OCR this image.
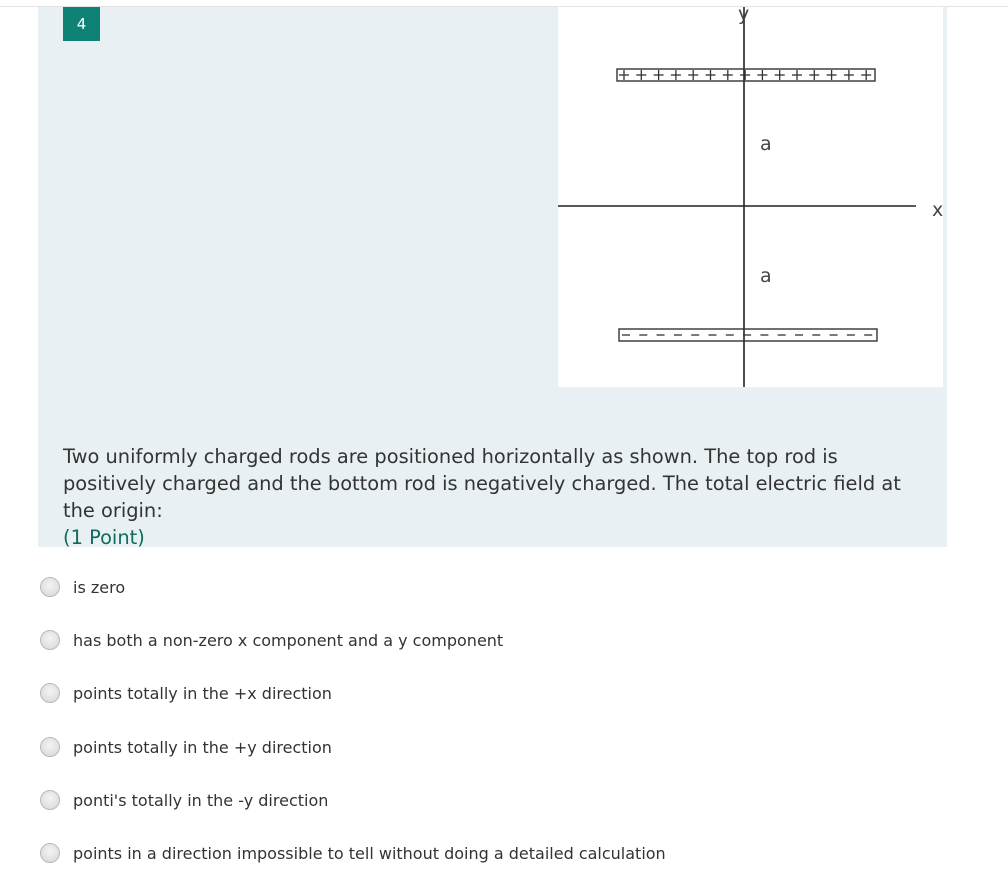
4	y
x
a
a
Two uniformly charged rods are positioned horizontally as shown. The top rod is positively charged and the bottom rod is negatively charged. The total electric field at the origin:
(1 Point)
is zero
has both a non-zero x component and a y component
points totally in the +x direction
points totally in the +y direction
ponti's totally in the -y direction
points in a direction impossible to tell without doing a detailed calculation
